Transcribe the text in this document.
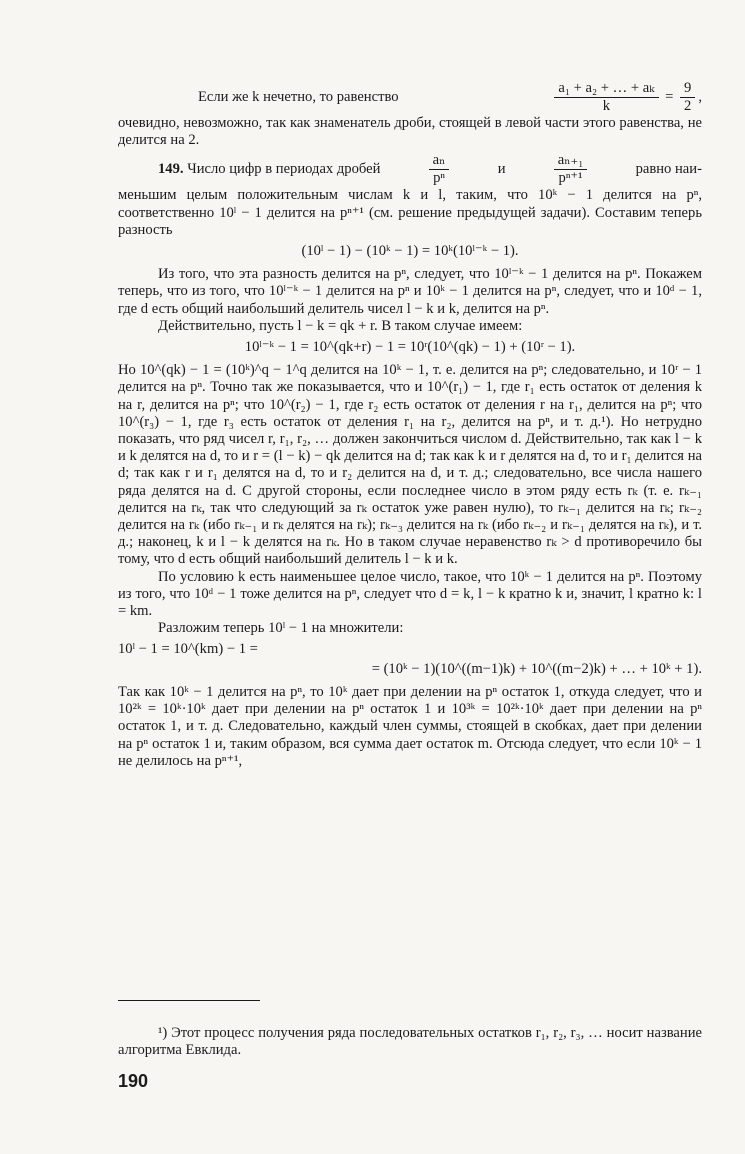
Если же k нечетно, то равенство	$\frac{\text{a₁ + a₂ + … + aₖ}}{k} = \frac{9}{2}$ ,

очевидно, невозможно, так как знаменатель дроби, стоящей в левой части этого равенства, не делится на 2.

149. Число цифр в периодах дробей	$\frac{\text{aₙ}}{\text{pⁿ}}$	и	$\frac{\text{aₙ₊₁}}{\text{pⁿ⁺¹}}$	равно наи-

меньшим целым положительным числам k и l, таким, что 10ᵏ − 1 делится на pⁿ, соответственно 10ˡ − 1 делится на pⁿ⁺¹ (см. решение предыдущей задачи). Составим теперь разность

(10ˡ − 1) − (10ᵏ − 1) = 10ᵏ(10ˡ⁻ᵏ − 1).

Из того, что эта разность делится на pⁿ, следует, что 10ˡ⁻ᵏ − 1 делится на pⁿ. Покажем теперь, что из того, что 10ˡ⁻ᵏ − 1 делится на pⁿ и 10ᵏ − 1 делится на pⁿ, следует, что и 10ᵈ − 1, где d есть общий наибольший делитель чисел l − k и k, делится на pⁿ.

Действительно, пусть l − k = qk + r. В таком случае имеем:

10ˡ⁻ᵏ − 1 = 10^(qk+r) − 1 = 10ʳ(10^(qk) − 1) + (10ʳ − 1).

Но 10^(qk) − 1 = (10ᵏ)^q − 1^q делится на 10ᵏ − 1, т. е. делится на pⁿ; следовательно, и 10ʳ − 1 делится на pⁿ. Точно так же показывается, что и 10^(r₁) − 1, где r₁ есть остаток от деления k на r, делится на pⁿ; что 10^(r₂) − 1, где r₂ есть остаток от деления r на r₁, делится на pⁿ; что 10^(r₃) − 1, где r₃ есть остаток от деления r₁ на r₂, делится на pⁿ, и т. д.¹). Но нетрудно показать, что ряд чисел r, r₁, r₂, … должен закончиться числом d. Действительно, так как l − k и k делятся на d, то и r = (l − k) − qk делится на d; так как k и r делятся на d, то и r₁ делится на d; так как r и r₁ делятся на d, то и r₂ делится на d, и т. д.; следовательно, все числа нашего ряда делятся на d. С другой стороны, если последнее число в этом ряду есть rₖ (т. е. rₖ₋₁ делится на rₖ, так что следующий за rₖ остаток уже равен нулю), то rₖ₋₁ делится на rₖ; rₖ₋₂ делится на rₖ (ибо rₖ₋₁ и rₖ делятся на rₖ); rₖ₋₃ делится на rₖ (ибо rₖ₋₂ и rₖ₋₁ делятся на rₖ), и т. д.; наконец, k и l − k делятся на rₖ. Но в таком случае неравенство rₖ > d противоречило бы тому, что d есть общий наибольший делитель l − k и k.

По условию k есть наименьшее целое число, такое, что 10ᵏ − 1 делится на pⁿ. Поэтому из того, что 10ᵈ − 1 тоже делится на pⁿ, следует что d = k, l − k кратно k и, значит, l кратно k: l = km.

Разложим теперь 10ˡ − 1 на множители:

10ˡ − 1 = 10^(km) − 1 =

= (10ᵏ − 1)(10^((m−1)k) + 10^((m−2)k) + … + 10ᵏ + 1).

Так как 10ᵏ − 1 делится на pⁿ, то 10ᵏ дает при делении на pⁿ остаток 1, откуда следует, что и 10²ᵏ = 10ᵏ·10ᵏ дает при делении на pⁿ остаток 1 и 10³ᵏ = 10²ᵏ·10ᵏ дает при делении на pⁿ остаток 1, и т. д. Следовательно, каждый член суммы, стоящей в скобках, дает при делении на pⁿ остаток 1 и, таким образом, вся сумма дает остаток m. Отсюда следует, что если 10ᵏ − 1 не делилось на pⁿ⁺¹,

¹) Этот процесс получения ряда последовательных остатков r₁, r₂, r₃, … носит название алгоритма Евклида.

190
